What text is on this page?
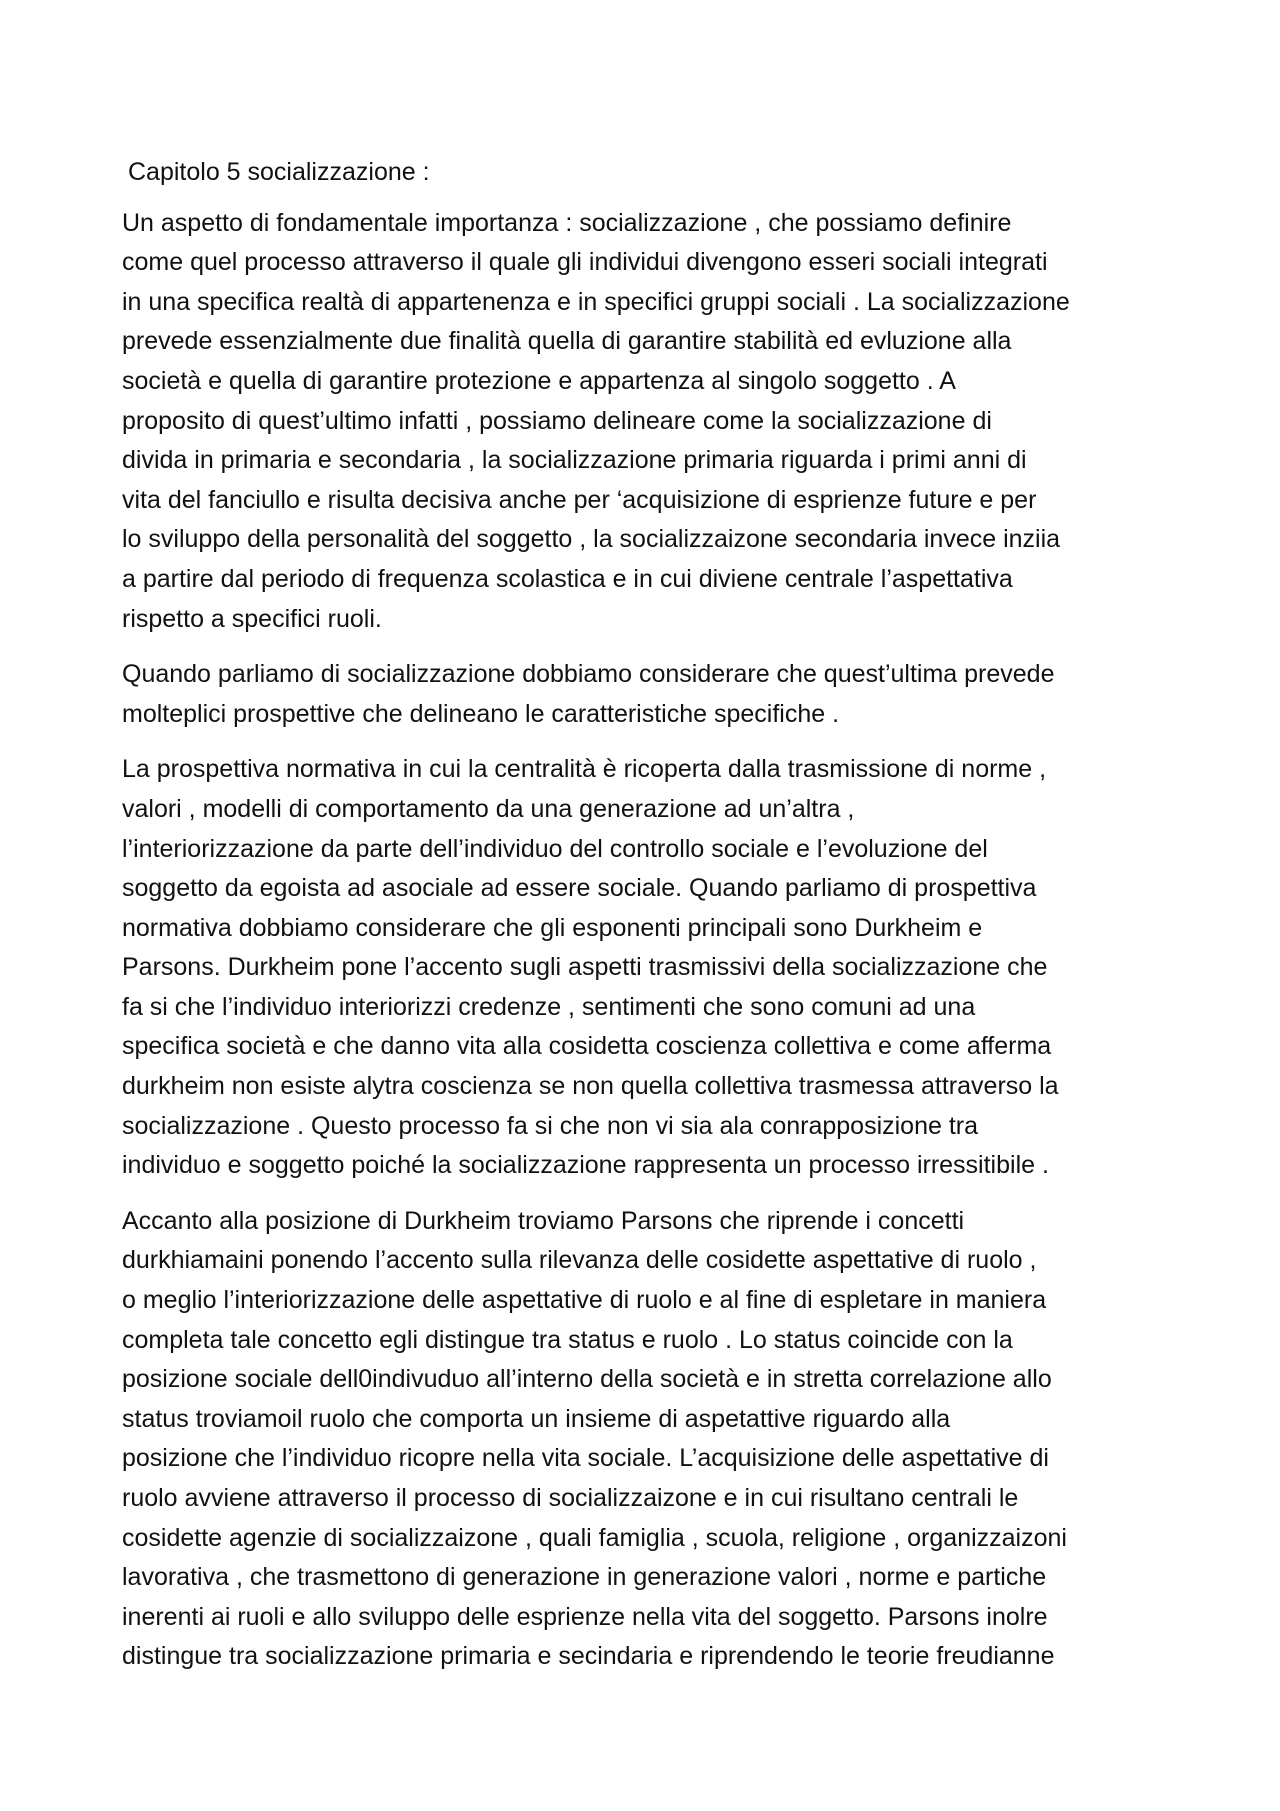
Capitolo 5 socializzazione :

Un aspetto di fondamentale importanza : socializzazione , che possiamo definire
come quel processo attraverso il quale gli individui divengono esseri sociali integrati
in una specifica realtà di appartenenza e in specifici gruppi sociali . La socializzazione
prevede essenzialmente due finalità quella di garantire stabilità ed evluzione alla
società e quella di garantire protezione e appartenza al singolo soggetto . A
proposito di quest’ultimo infatti , possiamo delineare come la socializzazione di
divida in primaria e secondaria , la socializzazione primaria riguarda i primi anni di
vita del fanciullo e risulta decisiva anche per ‘acquisizione di esprienze future e per
lo sviluppo della personalità del soggetto , la socializzaizone secondaria invece inziia
a partire dal periodo di frequenza scolastica e in cui diviene centrale l’aspettativa
rispetto a specifici ruoli.

Quando parliamo di socializzazione dobbiamo considerare che quest’ultima prevede
molteplici prospettive che delineano le caratteristiche specifiche .

La prospettiva normativa in cui la centralità è ricoperta dalla trasmissione di norme ,
valori , modelli di comportamento da una generazione ad un’altra ,
l’interiorizzazione da parte dell’individuo del controllo sociale e l’evoluzione del
soggetto da egoista ad asociale ad essere sociale. Quando parliamo di prospettiva
normativa dobbiamo considerare che gli esponenti principali sono Durkheim e
Parsons. Durkheim pone l’accento sugli aspetti trasmissivi della socializzazione che
fa si che l’individuo interiorizzi credenze , sentimenti che sono comuni ad una
specifica società e che danno vita alla cosidetta coscienza collettiva e come afferma
durkheim non esiste alytra coscienza se non quella collettiva trasmessa attraverso la
socializzazione . Questo processo fa si che non vi sia ala conrapposizione tra
individuo e soggetto poiché la socializzazione rappresenta un processo irressitibile .

Accanto alla posizione di Durkheim troviamo Parsons che riprende i concetti
durkhiamaini ponendo l’accento sulla rilevanza delle cosidette aspettative di ruolo ,
o meglio l’interiorizzazione delle aspettative di ruolo e al fine di espletare in maniera
completa tale concetto egli distingue tra status e ruolo . Lo status coincide con la
posizione sociale dell0indivuduo all’interno della società e in stretta correlazione allo
status troviamoil ruolo che comporta un insieme di aspetattive riguardo alla
posizione che l’individuo ricopre nella vita sociale. L’acquisizione delle aspettative di
ruolo avviene attraverso il processo di socializzaizone e in cui risultano centrali le
cosidette agenzie di socializzaizone , quali famiglia , scuola, religione , organizzaizoni
lavorativa , che trasmettono di generazione in generazione valori , norme e partiche
inerenti ai ruoli e allo sviluppo delle esprienze nella vita del soggetto. Parsons inolre
distingue tra socializzazione primaria e secindaria e riprendendo le teorie freudianne
